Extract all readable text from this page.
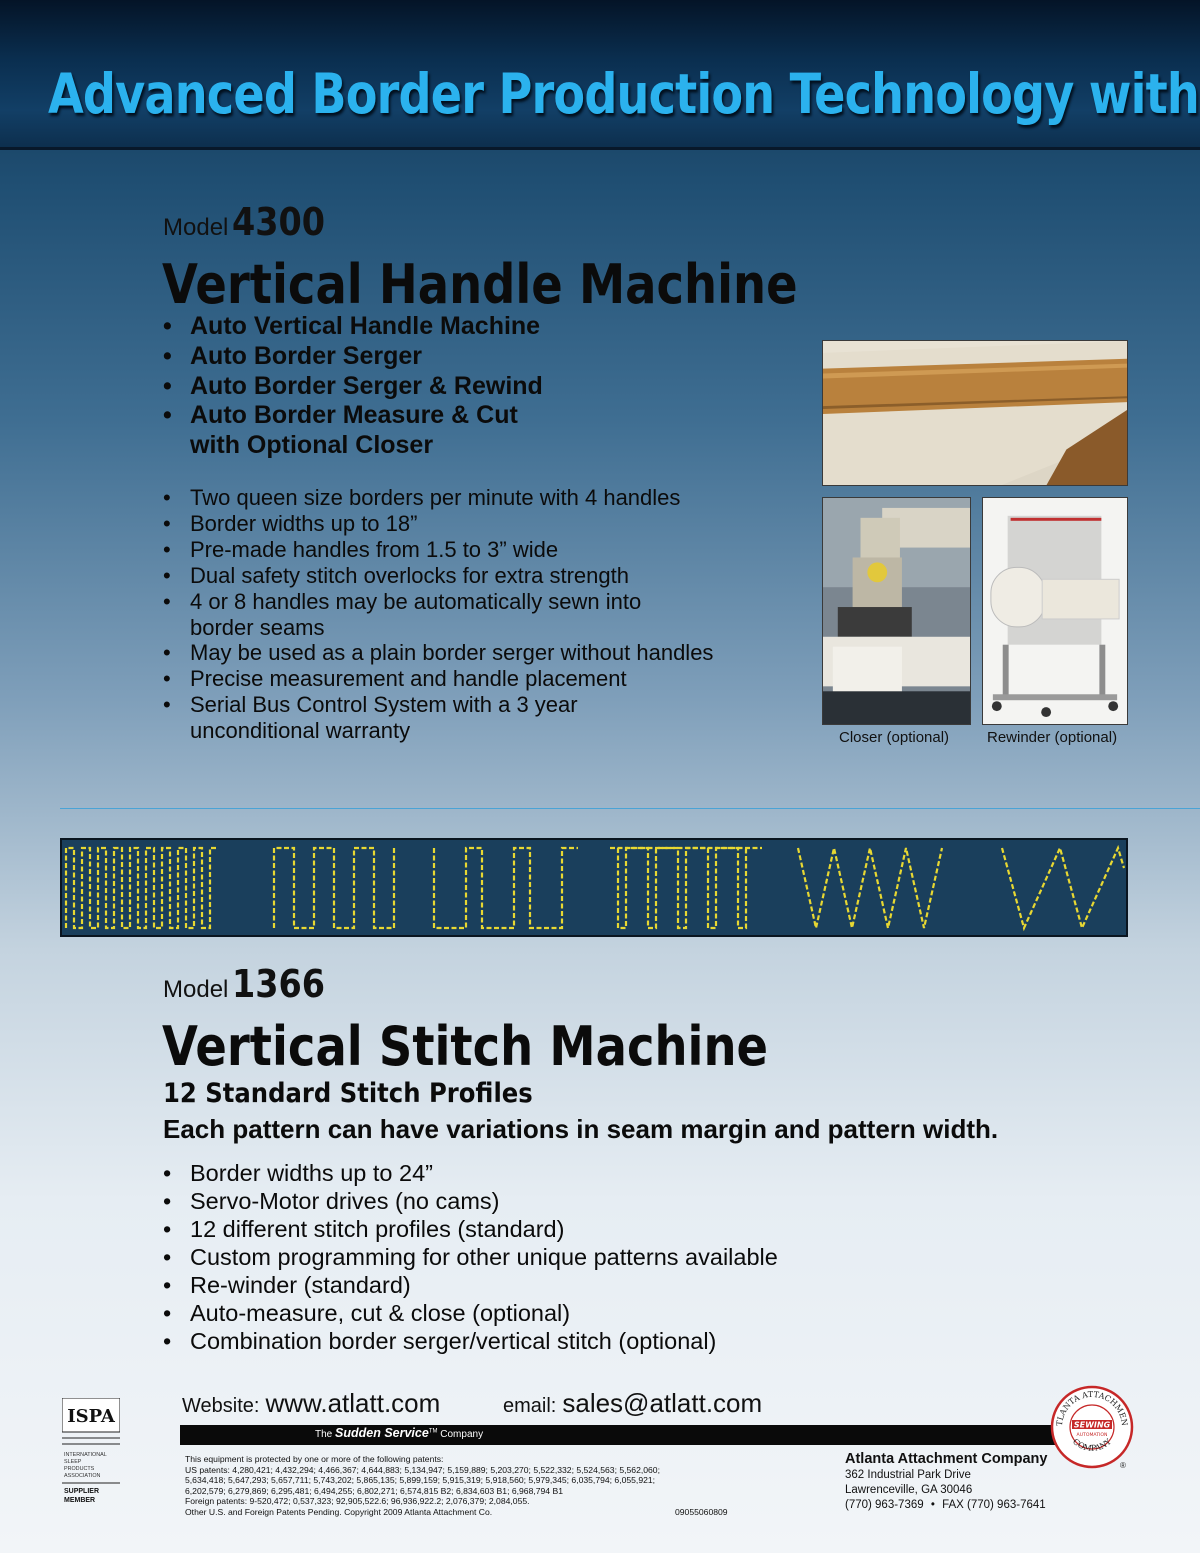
Advanced Border Production Technology with
Model 4300
Vertical Handle Machine
• Auto Vertical Handle Machine
• Auto Border Serger
• Auto Border Serger & Rewind
• Auto Border Measure & Cut
with Optional Closer
• Two queen size borders per minute with 4 handles
• Border widths up to 18”
• Pre-made handles from 1.5 to 3” wide
• Dual safety stitch overlocks for extra strength
• 4 or 8 handles may be automatically sewn into
border seams
• May be used as a plain border serger without handles
• Precise measurement and handle placement
• Serial Bus Control System with a 3 year
unconditional warranty	Closer (optional)	Rewinder (optional)
Model 1366
Vertical Stitch Machine
12 Standard Stitch Profiles
Each pattern can have variations in seam margin and pattern width.
• Border widths up to 24”
• Servo-Motor drives (no cams)
• 12 different stitch profiles (standard)
• Custom programming for other unique patterns available
• Re-winder (standard)
• Auto-measure, cut & close (optional)
• Combination border serger/vertical stitch (optional)
ISPA
INTERNATIONAL
SLEEP
PRODUCTS
ASSOCIATION
SUPPLIER
MEMBER
Website: www.atlatt.com	email: sales@atlatt.com
The Sudden Service™ Company
This equipment is protected by one or more of the following patents:
US patents: 4,280,421; 4,432,294; 4,466,367; 4,644,883; 5,134,947; 5,159,889; 5,203,270; 5,522,332; 5,524,563; 5,562,060;
5,634,418; 5,647,293; 5,657,711; 5,743,202; 5,865,135; 5,899,159; 5,915,319; 5,918,560; 5,979,345; 6,035,794; 6,055,921;
6,202,579; 6,279,869; 6,295,481; 6,494,255; 6,802,271; 6,574,815 B2; 6,834,603 B1; 6,968,794 B1
Foreign patents: 9-520,472; 0,537,323; 92,905,522.6; 96,936,922.2; 2,076,379; 2,084,055.
Other U.S. and Foreign Patents Pending. Copyright 2009 Atlanta Attachment Co.	09055060809
Atlanta Attachment Company
362 Industrial Park Drive
Lawrenceville, GA 30046
(770) 963-7369 • FAX (770) 963-7641
TLANTA ATTACHMEN
COMPANY
SEWING
AUTOMATION
®
